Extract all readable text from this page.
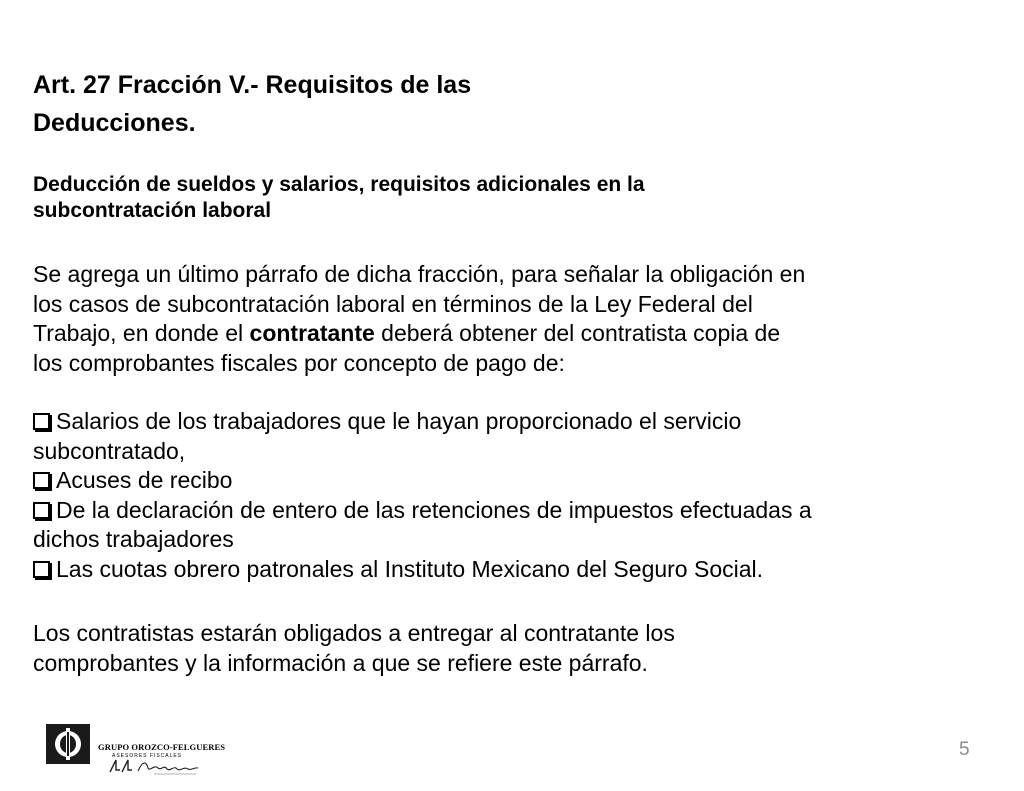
Art. 27 Fracción V.- Requisitos de las
Deducciones.
Deducción de sueldos y salarios, requisitos adicionales en la
subcontratación laboral

Se agrega un último párrafo de dicha fracción, para señalar la obligación en
los casos de subcontratación laboral en términos de la Ley Federal del
Trabajo, en donde el contratante deberá obtener del contratista copia de
los comprobantes fiscales por concepto de pago de:

Salarios de los trabajadores que le hayan proporcionado el servicio
subcontratado,
Acuses de recibo
De la declaración de entero de las retenciones de impuestos efectuadas a
dichos trabajadores
Las cuotas obrero patronales al Instituto Mexicano del Seguro Social.

Los contratistas estarán obligados a entregar al contratante los
comprobantes y la información a que se refiere este párrafo.

GRUPO OROZCO-FELGUERES
ASESORES FISCALES	5
